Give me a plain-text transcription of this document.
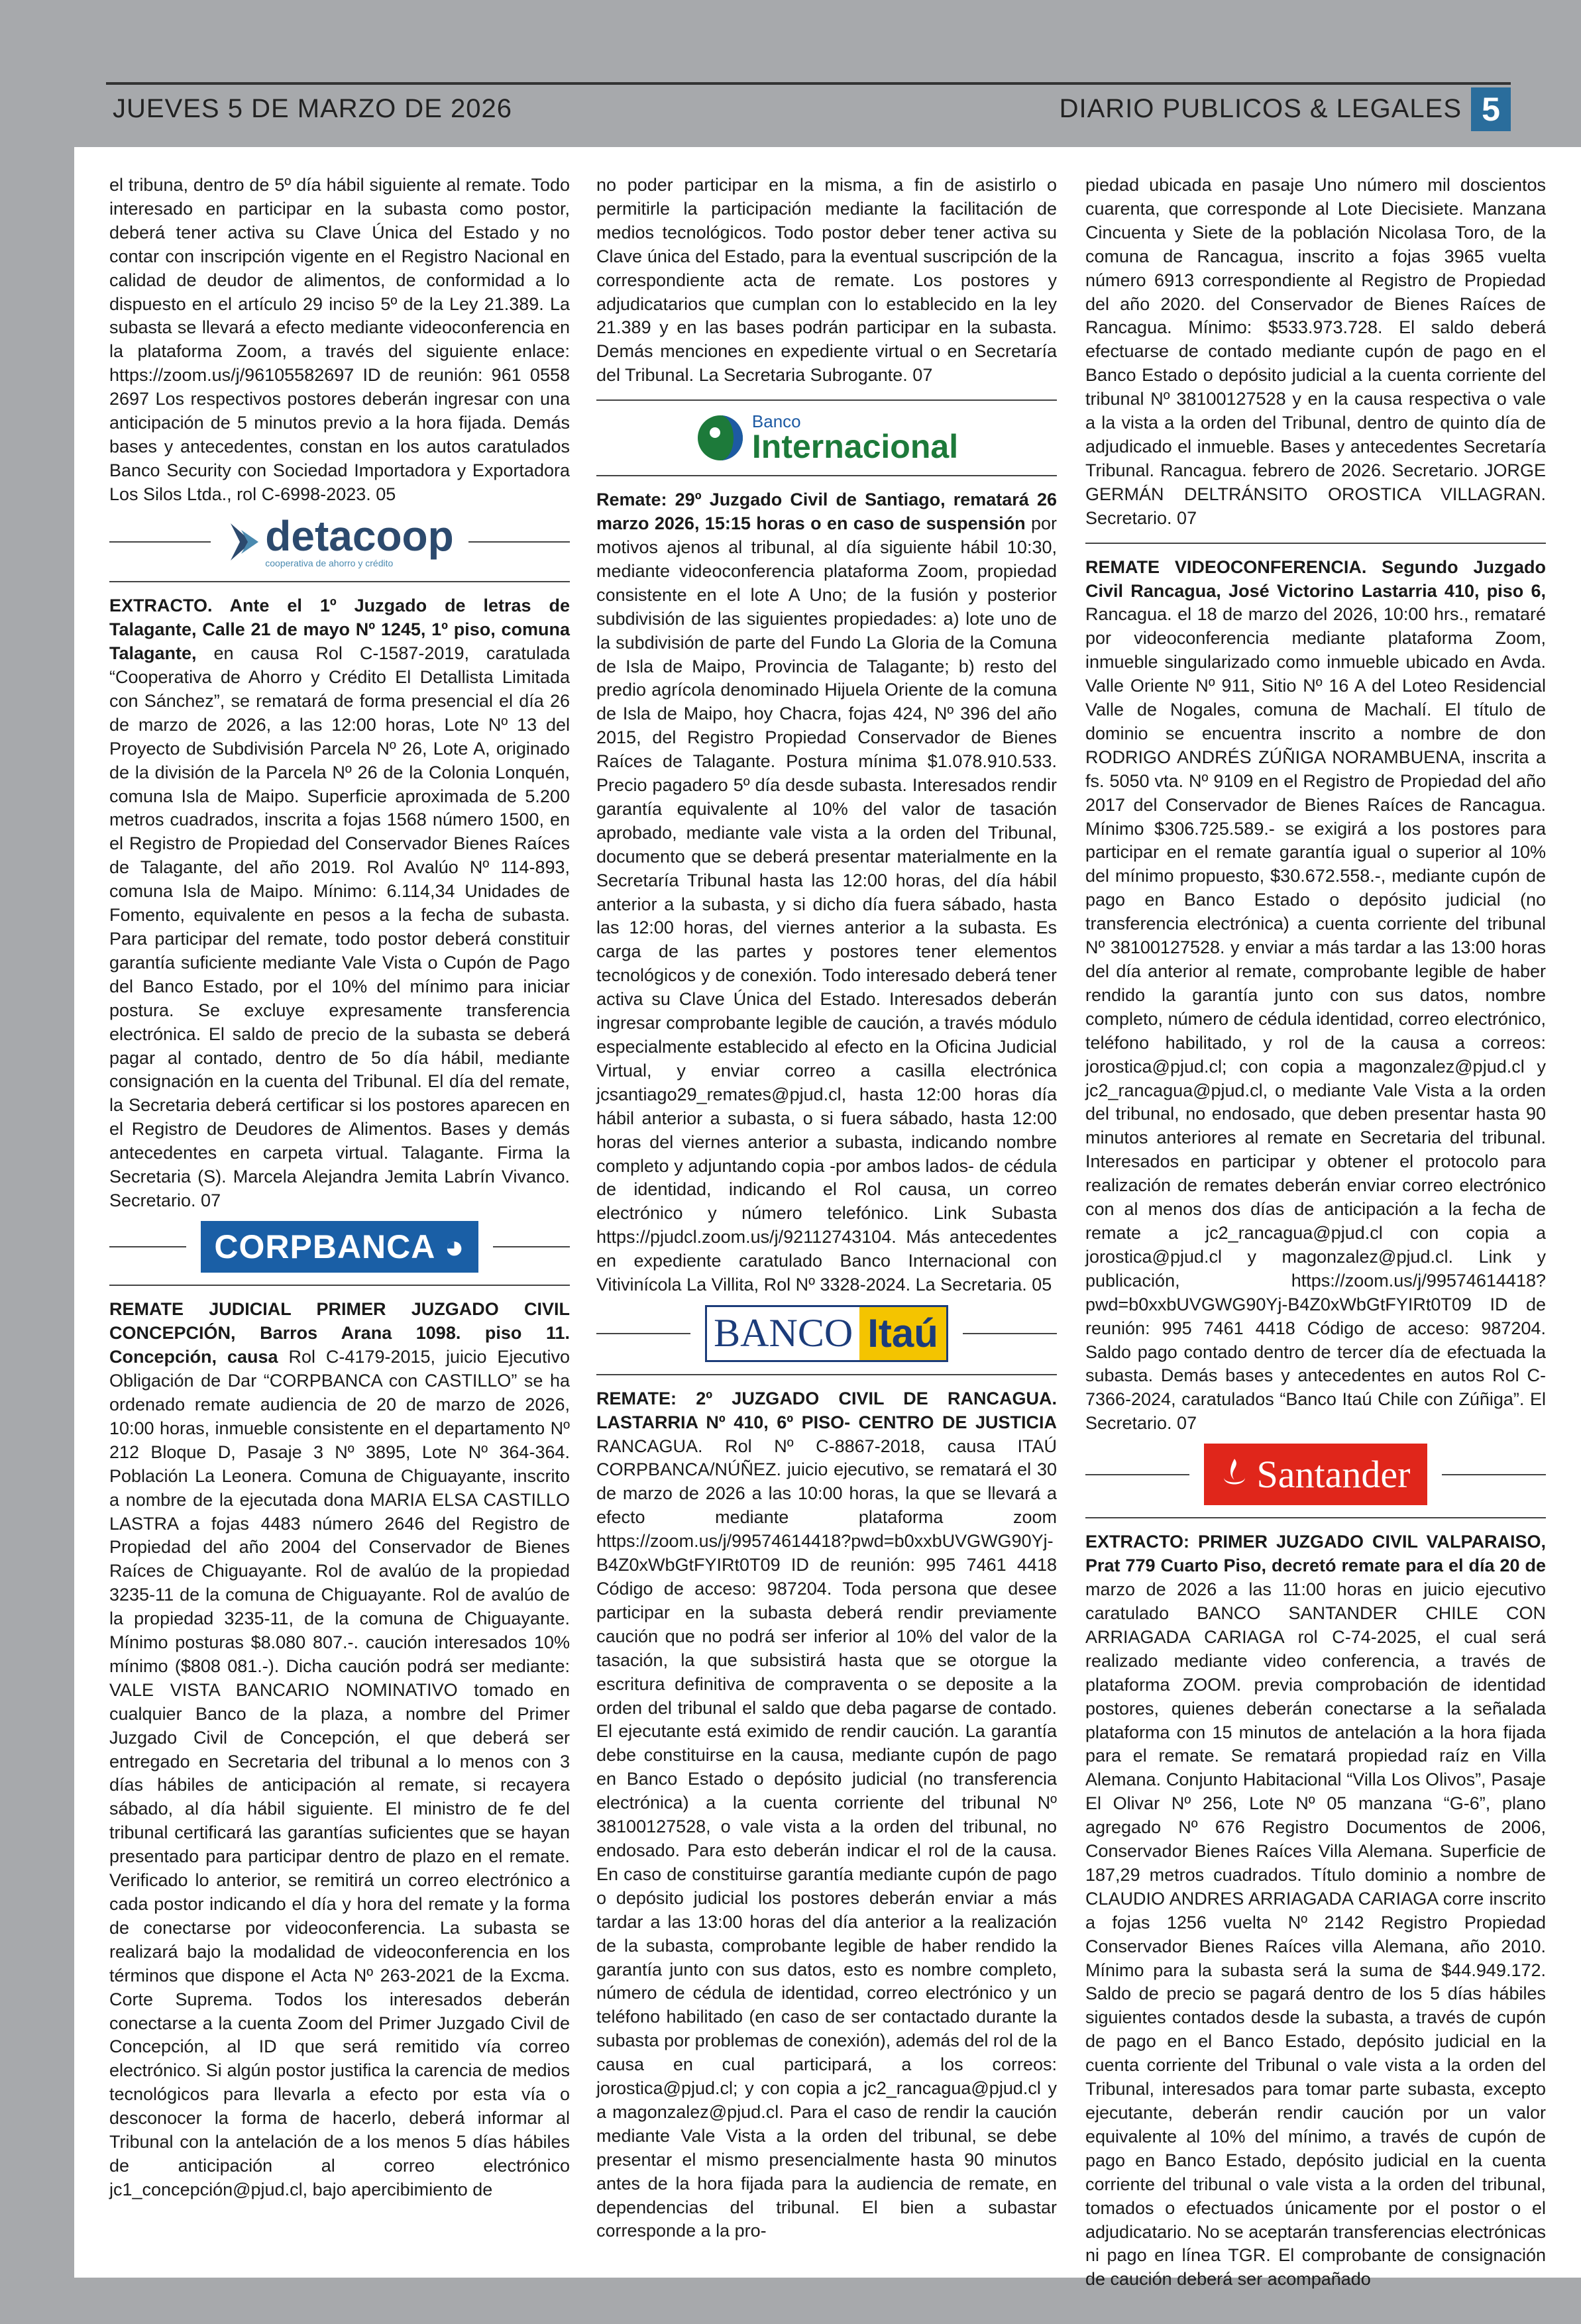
JUEVES 5 DE MARZO DE 2026	DIARIO PUBLICOS & LEGALES 5

el tribuna, dentro de 5º día hábil siguiente al remate. Todo interesado en participar en la subasta como postor, deberá tener activa su Clave Única del Estado y no contar con inscripción vigente en el Registro Nacional en calidad de deudor de alimentos, de conformidad a lo dispuesto en el artículo 29 inciso 5º de la Ley 21.389. La subasta se llevará a efecto mediante videoconferencia en la plataforma Zoom, a través del siguiente enlace: https://zoom.us/j/96105582697 ID de reunión: 961 0558 2697 Los respectivos postores deberán ingresar con una anticipación de 5 minutos previo a la hora fijada. Demás bases y antecedentes, constan en los autos caratulados Banco Security con Sociedad Importadora y Exportadora Los Silos Ltda., rol C-6998-2023. 05

detacoop
cooperativa de ahorro y crédito

EXTRACTO. Ante el 1º Juzgado de letras de Talagante, Calle 21 de mayo Nº 1245, 1º piso, comuna Talagante, en causa Rol C-1587-2019, caratulada “Cooperativa de Ahorro y Crédito El Detallista Limitada con Sánchez”, se rematará de forma presencial el día 26 de marzo de 2026, a las 12:00 horas, Lote Nº 13 del Proyecto de Subdivisión Parcela Nº 26, Lote A, originado de la división de la Parcela Nº 26 de la Colonia Lonquén, comuna Isla de Maipo. Superficie aproximada de 5.200 metros cuadrados, inscrita a fojas 1568 número 1500, en el Registro de Propiedad del Conservador Bienes Raíces de Talagante, del año 2019. Rol Avalúo Nº 114-893, comuna Isla de Maipo. Mínimo: 6.114,34 Unidades de Fomento, equivalente en pesos a la fecha de subasta. Para participar del remate, todo postor deberá constituir garantía suficiente mediante Vale Vista o Cupón de Pago del Banco Estado, por el 10% del mínimo para iniciar postura. Se excluye expresamente transferencia electrónica. El saldo de precio de la subasta se deberá pagar al contado, dentro de 5o día hábil, mediante consignación en la cuenta del Tribunal. El día del remate, la Secretaria deberá certificar si los postores aparecen en el Registro de Deudores de Alimentos. Bases y demás antecedentes en carpeta virtual. Talagante. Firma la Secretaria (S). Marcela Alejandra Jemita Labrín Vivanco. Secretario. 07

CORPBANCA ◕

REMATE JUDICIAL PRIMER JUZGADO CIVIL CONCEPCIÓN, Barros Arana 1098. piso 11. Concepción, causa Rol C-4179-2015, juicio Ejecutivo Obligación de Dar “CORPBANCA con CASTILLO” se ha ordenado remate audiencia de 20 de marzo de 2026, 10:00 horas, inmueble consistente en el departamento Nº 212 Bloque D, Pasaje 3 Nº 3895, Lote Nº 364-364. Población La Leonera. Comuna de Chiguayante, inscrito a nombre de la ejecutada dona MARIA ELSA CASTILLO LASTRA a fojas 4483 número 2646 del Registro de Propiedad del año 2004 del Conservador de Bienes Raíces de Chiguayante. Rol de avalúo de la propiedad 3235-11 de la comuna de Chiguayante. Rol de avalúo de la propiedad 3235-11, de la comuna de Chiguayante. Mínimo posturas $8.080 807.-. caución interesados 10% mínimo ($808 081.-). Dicha caución podrá ser mediante: VALE VISTA BANCARIO NOMINATIVO tomado en cualquier Banco de la plaza, a nombre del Primer Juzgado Civil de Concepción, el que deberá ser entregado en Secretaria del tribunal a lo menos con 3 días hábiles de anticipación al remate, si recayera sábado, al día hábil siguiente. El ministro de fe del tribunal certificará las garantías suficientes que se hayan presentado para participar dentro de plazo en el remate. Verificado lo anterior, se remitirá un correo electrónico a cada postor indicando el día y hora del remate y la forma de conectarse por videoconferencia. La subasta se realizará bajo la modalidad de videoconferencia en los términos que dispone el Acta Nº 263-2021 de la Excma. Corte Suprema. Todos los interesados deberán conectarse a la cuenta Zoom del Primer Juzgado Civil de Concepción, al ID que será remitido vía correo electrónico. Si algún postor justifica la carencia de medios tecnológicos para llevarla a efecto por esta vía o desconocer la forma de hacerlo, deberá informar al Tribunal con la antelación de a los menos 5 días hábiles de anticipación al correo electrónico jc1_concepción@pjud.cl, bajo apercibimiento de

no poder participar en la misma, a fin de asistirlo o permitirle la participación mediante la facilitación de medios tecnológicos. Todo postor deber tener activa su Clave única del Estado, para la eventual suscripción de la correspondiente acta de remate. Los postores y adjudicatarios que cumplan con lo establecido en la ley 21.389 y en las bases podrán participar en la subasta. Demás menciones en expediente virtual o en Secretaría del Tribunal. La Secretaria Subrogante. 07

Banco
Internacional

Remate: 29º Juzgado Civil de Santiago, rematará 26 marzo 2026, 15:15 horas o en caso de suspensión por motivos ajenos al tribunal, al día siguiente hábil 10:30, mediante videoconferencia plataforma Zoom, propiedad consistente en el lote A Uno; de la fusión y posterior subdivisión de las siguientes propiedades: a) lote uno de la subdivisión de parte del Fundo La Gloria de la Comuna de Isla de Maipo, Provincia de Talagante; b) resto del predio agrícola denominado Hijuela Oriente de la comuna de Isla de Maipo, hoy Chacra, fojas 424, Nº 396 del año 2015, del Registro Propiedad Conservador de Bienes Raíces de Talagante. Postura mínima $1.078.910.533. Precio pagadero 5º día desde subasta. Interesados rendir garantía equivalente al 10% del valor de tasación aprobado, mediante vale vista a la orden del Tribunal, documento que se deberá presentar materialmente en la Secretaría Tribunal hasta las 12:00 horas, del día hábil anterior a la subasta, y si dicho día fuera sábado, hasta las 12:00 horas, del viernes anterior a la subasta. Es carga de las partes y postores tener elementos tecnológicos y de conexión. Todo interesado deberá tener activa su Clave Única del Estado. Interesados deberán ingresar comprobante legible de caución, a través módulo especialmente establecido al efecto en la Oficina Judicial Virtual, y enviar correo a casilla electrónica jcsantiago29_remates@pjud.cl, hasta 12:00 horas día hábil anterior a subasta, o si fuera sábado, hasta 12:00 horas del viernes anterior a subasta, indicando nombre completo y adjuntando copia -por ambos lados- de cédula de identidad, indicando el Rol causa, un correo electrónico y número telefónico. Link Subasta https://pjudcl.zoom.us/j/92112743104. Más antecedentes en expediente caratulado Banco Internacional con Vitivinícola La Villita, Rol Nº 3328-2024. La Secretaria. 05

BANCO Itaú

REMATE: 2º JUZGADO CIVIL DE RANCAGUA. LASTARRIA Nº 410, 6º PISO- CENTRO DE JUSTICIA RANCAGUA. Rol Nº C-8867-2018, causa ITAÚ CORPBANCA/NÚÑEZ. juicio ejecutivo, se rematará el 30 de marzo de 2026 a las 10:00 horas, la que se llevará a efecto mediante plataforma zoom https://zoom.us/j/99574614418?pwd=b0xxbUVGWG90Yj-B4Z0xWbGtFYIRt0T09 ID de reunión: 995 7461 4418 Código de acceso: 987204. Toda persona que desee participar en la subasta deberá rendir previamente caución que no podrá ser inferior al 10% del valor de la tasación, la que subsistirá hasta que se otorgue la escritura definitiva de compraventa o se deposite a la orden del tribunal el saldo que deba pagarse de contado. El ejecutante está eximido de rendir caución. La garantía debe constituirse en la causa, mediante cupón de pago en Banco Estado o depósito judicial (no transferencia electrónica) a la cuenta corriente del tribunal Nº 38100127528, o vale vista a la orden del tribunal, no endosado. Para esto deberán indicar el rol de la causa. En caso de constituirse garantía mediante cupón de pago o depósito judicial los postores deberán enviar a más tardar a las 13:00 horas del día anterior a la realización de la subasta, comprobante legible de haber rendido la garantía junto con sus datos, esto es nombre completo, número de cédula de identidad, correo electrónico y un teléfono habilitado (en caso de ser contactado durante la subasta por problemas de conexión), además del rol de la causa en cual participará, a los correos: jorostica@pjud.cl; y con copia a jc2_rancagua@pjud.cl y a magonzalez@pjud.cl. Para el caso de rendir la caución mediante Vale Vista a la orden del tribunal, se debe presentar el mismo presencialmente hasta 90 minutos antes de la hora fijada para la audiencia de remate, en dependencias del tribunal. El bien a subastar corresponde a la pro-

piedad ubicada en pasaje Uno número mil doscientos cuarenta, que corresponde al Lote Diecisiete. Manzana Cincuenta y Siete de la población Nicolasa Toro, de la comuna de Rancagua, inscrito a fojas 3965 vuelta número 6913 correspondiente al Registro de Propiedad del año 2020. del Conservador de Bienes Raíces de Rancagua. Mínimo: $533.973.728. El saldo deberá efectuarse de contado mediante cupón de pago en el Banco Estado o depósito judicial a la cuenta corriente del tribunal Nº 38100127528 y en la causa respectiva o vale a la vista a la orden del Tribunal, dentro de quinto día de adjudicado el inmueble. Bases y antecedentes Secretaría Tribunal. Rancagua. febrero de 2026. Secretario. JORGE GERMÁN DELTRÁNSITO OROSTICA VILLAGRAN. Secretario. 07

REMATE VIDEOCONFERENCIA. Segundo Juzgado Civil Rancagua, José Victorino Lastarria 410, piso 6, Rancagua. el 18 de marzo del 2026, 10:00 hrs., remataré por videoconferencia mediante plataforma Zoom, inmueble singularizado como inmueble ubicado en Avda. Valle Oriente Nº 911, Sitio Nº 16 A del Loteo Residencial Valle de Nogales, comuna de Machalí. El título de dominio se encuentra inscrito a nombre de don RODRIGO ANDRÉS ZÚÑIGA NORAMBUENA, inscrita a fs. 5050 vta. Nº 9109 en el Registro de Propiedad del año 2017 del Conservador de Bienes Raíces de Rancagua. Mínimo $306.725.589.- se exigirá a los postores para participar en el remate garantía igual o superior al 10% del mínimo propuesto, $30.672.558.-, mediante cupón de pago en Banco Estado o depósito judicial (no transferencia electrónica) a cuenta corriente del tribunal Nº 38100127528. y enviar a más tardar a las 13:00 horas del día anterior al remate, comprobante legible de haber rendido la garantía junto con sus datos, nombre completo, número de cédula identidad, correo electrónico, teléfono habilitado, y rol de la causa a correos: jorostica@pjud.cl; con copia a magonzalez@pjud.cl y jc2_rancagua@pjud.cl, o mediante Vale Vista a la orden del tribunal, no endosado, que deben presentar hasta 90 minutos anteriores al remate en Secretaria del tribunal. Interesados en participar y obtener el protocolo para realización de remates deberán enviar correo electrónico con al menos dos días de anticipación a la fecha de remate a jc2_rancagua@pjud.cl con copia a jorostica@pjud.cl y magonzalez@pjud.cl. Link y publicación, https://zoom.us/j/99574614418?pwd=b0xxbUVGWG90Yj-B4Z0xWbGtFYIRt0T09 ID de reunión: 995 7461 4418 Código de acceso: 987204. Saldo pago contado dentro de tercer día de efectuada la subasta. Demás bases y antecedentes en autos Rol C-7366-2024, caratulados “Banco Itaú Chile con Zúñiga”. El Secretario. 07

Santander

EXTRACTO: PRIMER JUZGADO CIVIL VALPARAISO, Prat 779 Cuarto Piso, decretó remate para el día 20 de marzo de 2026 a las 11:00 horas en juicio ejecutivo caratulado BANCO SANTANDER CHILE CON ARRIAGADA CARIAGA rol C-74-2025, el cual será realizado mediante video conferencia, a través de plataforma ZOOM. previa comprobación de identidad postores, quienes deberán conectarse a la señalada plataforma con 15 minutos de antelación a la hora fijada para el remate. Se rematará propiedad raíz en Villa Alemana. Conjunto Habitacional “Villa Los Olivos”, Pasaje El Olivar Nº 256, Lote Nº 05 manzana “G-6”, plano agregado Nº 676 Registro Documentos de 2006, Conservador Bienes Raíces Villa Alemana. Superficie de 187,29 metros cuadrados. Título dominio a nombre de CLAUDIO ANDRES ARRIAGADA CARIAGA corre inscrito a fojas 1256 vuelta Nº 2142 Registro Propiedad Conservador Bienes Raíces villa Alemana, año 2010. Mínimo para la subasta será la suma de $44.949.172. Saldo de precio se pagará dentro de los 5 días hábiles siguientes contados desde la subasta, a través de cupón de pago en el Banco Estado, depósito judicial en la cuenta corriente del Tribunal o vale vista a la orden del Tribunal, interesados para tomar parte subasta, excepto ejecutante, deberán rendir caución por un valor equivalente al 10% del mínimo, a través de cupón de pago en Banco Estado, depósito judicial en la cuenta corriente del tribunal o vale vista a la orden del tribunal, tomados o efectuados únicamente por el postor o el adjudicatario. No se aceptarán transferencias electrónicas ni pago en línea TGR. El comprobante de consignación de caución deberá ser acompañado
